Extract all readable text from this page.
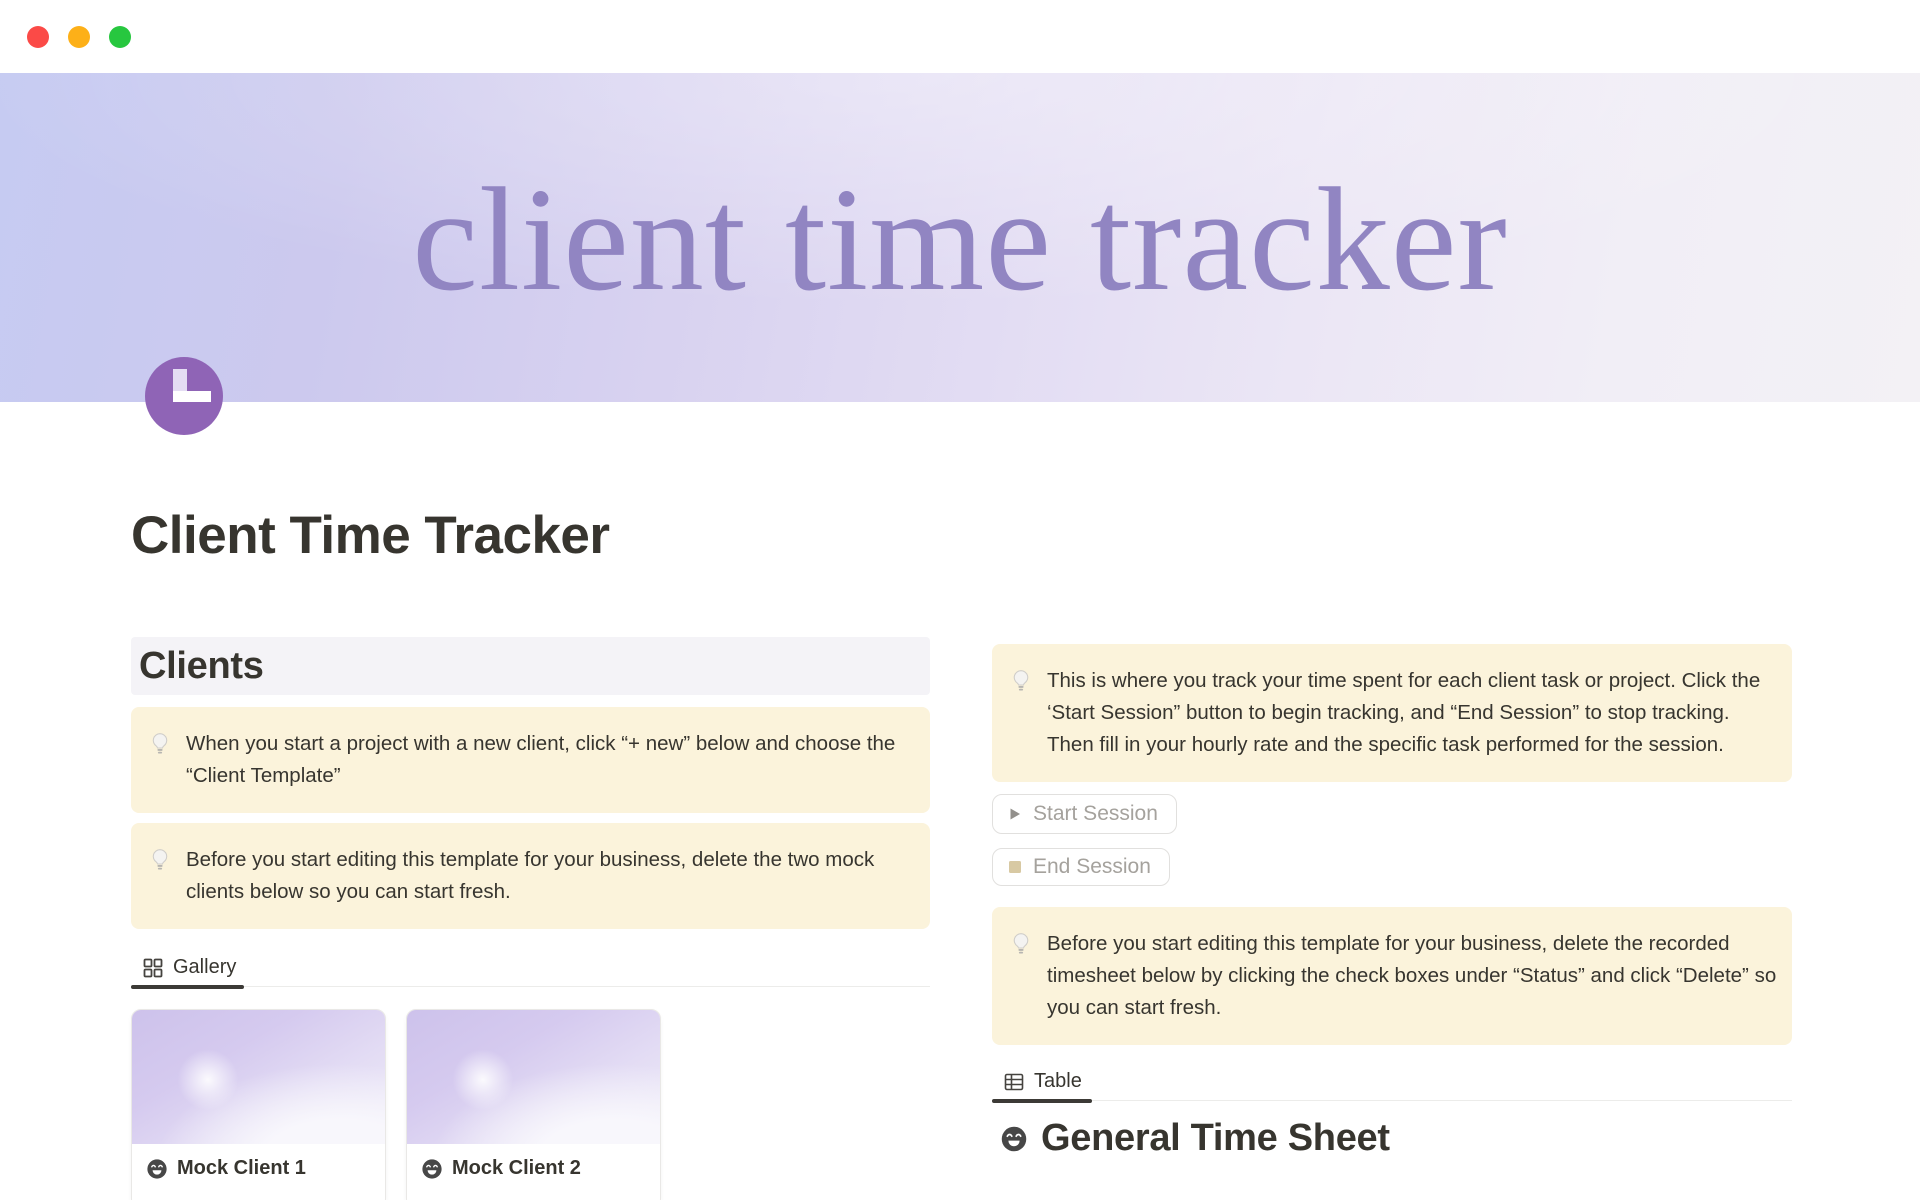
client time tracker
Client Time Tracker
Clients
When you start a project with a new client, click “+ new” below and choose the “Client Template”
Before you start editing this template for your business, delete the two mock clients below so you can start fresh.
Gallery
Mock Client 1	Mock Client 2
This is where you track your time spent for each client task or project. Click the ‘Start Session” button to begin tracking, and “End Session” to stop tracking. Then fill in your hourly rate and the specific task performed for the session.
Start Session
End Session
Before you start editing this template for your business, delete the recorded timesheet below by clicking the check boxes under “Status” and click “Delete” so you can start fresh.
Table
General Time Sheet
